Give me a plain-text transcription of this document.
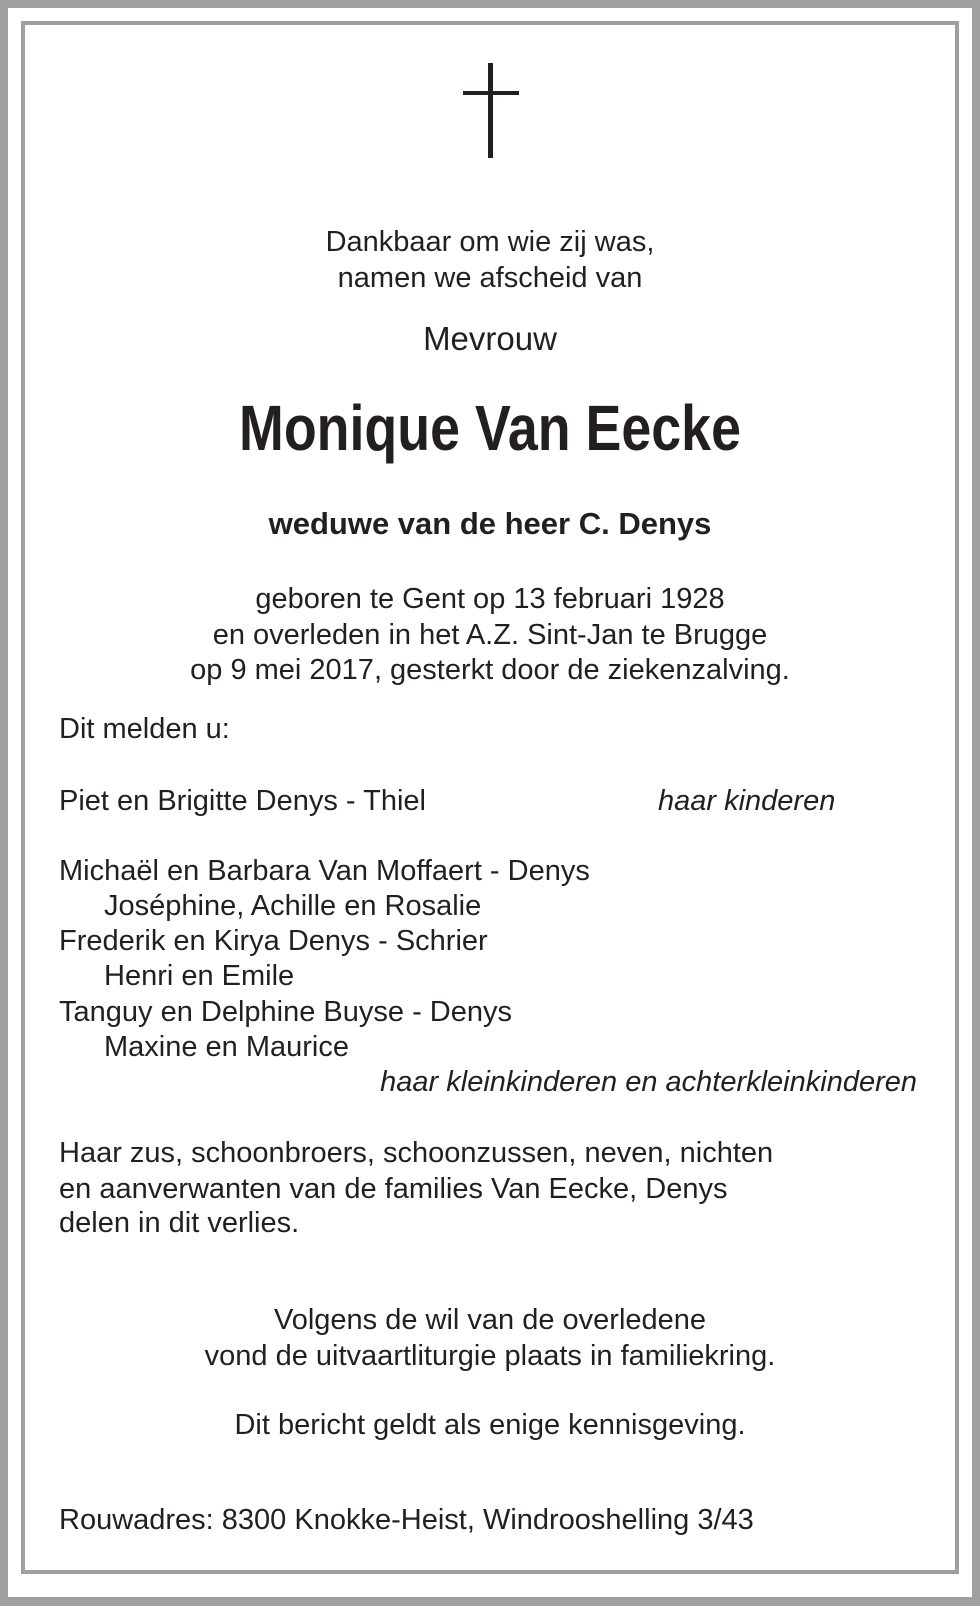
Dankbaar om wie zij was,
namen we afscheid van
Mevrouw
Monique Van Eecke
weduwe van de heer C. Denys
geboren te Gent op 13 februari 1928
en overleden in het A.Z. Sint-Jan te Brugge
op 9 mei 2017, gesterkt door de ziekenzalving.
Dit melden u:
Piet en Brigitte Denys - Thiel	haar kinderen
Michaël en Barbara Van Moffaert - Denys
Joséphine, Achille en Rosalie
Frederik en Kirya Denys - Schrier
Henri en Emile
Tanguy en Delphine Buyse - Denys
Maxine en Maurice
haar kleinkinderen en achterkleinkinderen
Haar zus, schoonbroers, schoonzussen, neven, nichten
en aanverwanten van de families Van Eecke, Denys
delen in dit verlies.
Volgens de wil van de overledene
vond de uitvaartliturgie plaats in familiekring.
Dit bericht geldt als enige kennisgeving.
Rouwadres: 8300 Knokke-Heist, Windrooshelling 3/43
